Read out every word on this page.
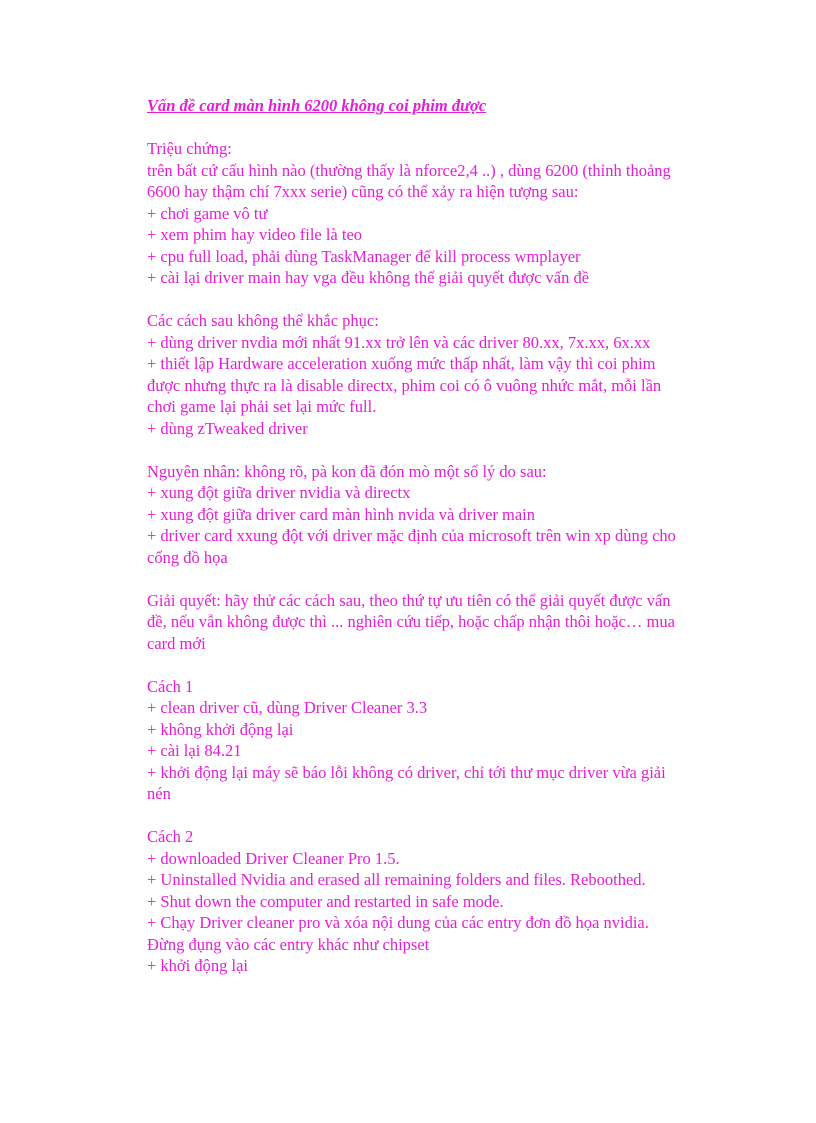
Vấn đề card màn hình 6200 không coi phim được
Triệu chứng:
trên bất cứ cấu hình nào (thường thấy là nforce2,4 ..) , dùng 6200 (thỉnh thoảng 6600 hay thậm chí 7xxx serie) cũng có thể xảy ra hiện tượng sau:
+ chơi game vô tư
+ xem phim hay video file là teo
+ cpu full load, phải dùng TaskManager để kill process wmplayer
+ cài lại driver main hay vga đều không thể giải quyết được vấn đề
Các cách sau không thể khắc phục:
+ dùng driver nvdia mới nhất 91.xx trở lên và các driver 80.xx, 7x.xx, 6x.xx
+ thiết lập Hardware acceleration xuống mức thấp nhất, làm vậy thì coi phim được nhưng thực ra là disable directx, phim coi có ô vuông nhức mắt, mỗi lần chơi game lại phải set lại mức full.
+ dùng zTweaked driver
Nguyên nhân: không rõ, pà kon đã đón mò một số lý do sau:
+ xung đột giữa driver nvidia và directx
+ xung đột giữa driver card màn hình nvida và driver main
+ driver card xxung đột với driver mặc định của microsoft trên win xp dùng cho cổng đồ họa
Giải quyết: hãy thử các cách sau, theo thứ tự ưu tiên có thể giải quyết được vấn đề, nếu vẫn không được thì ... nghiên cứu tiếp, hoặc chấp nhận thôi hoặc… mua card mới
Cách 1
+ clean driver cũ, dùng Driver Cleaner 3.3
+ không khởi động lại
+ cài lại 84.21
+ khởi động lại máy sẽ báo lỗi không có driver, chỉ tới thư mục driver vừa giải nén
Cách 2
+ downloaded Driver Cleaner Pro 1.5.
+ Uninstalled Nvidia and erased all remaining folders and files. Reboothed.
+ Shut down the computer and restarted in safe mode.
+ Chạy Driver cleaner pro và xóa nội dung của các entry đơn đồ họa nvidia. Đừng đụng vào các entry khác như chipset
+ khởi động lại
